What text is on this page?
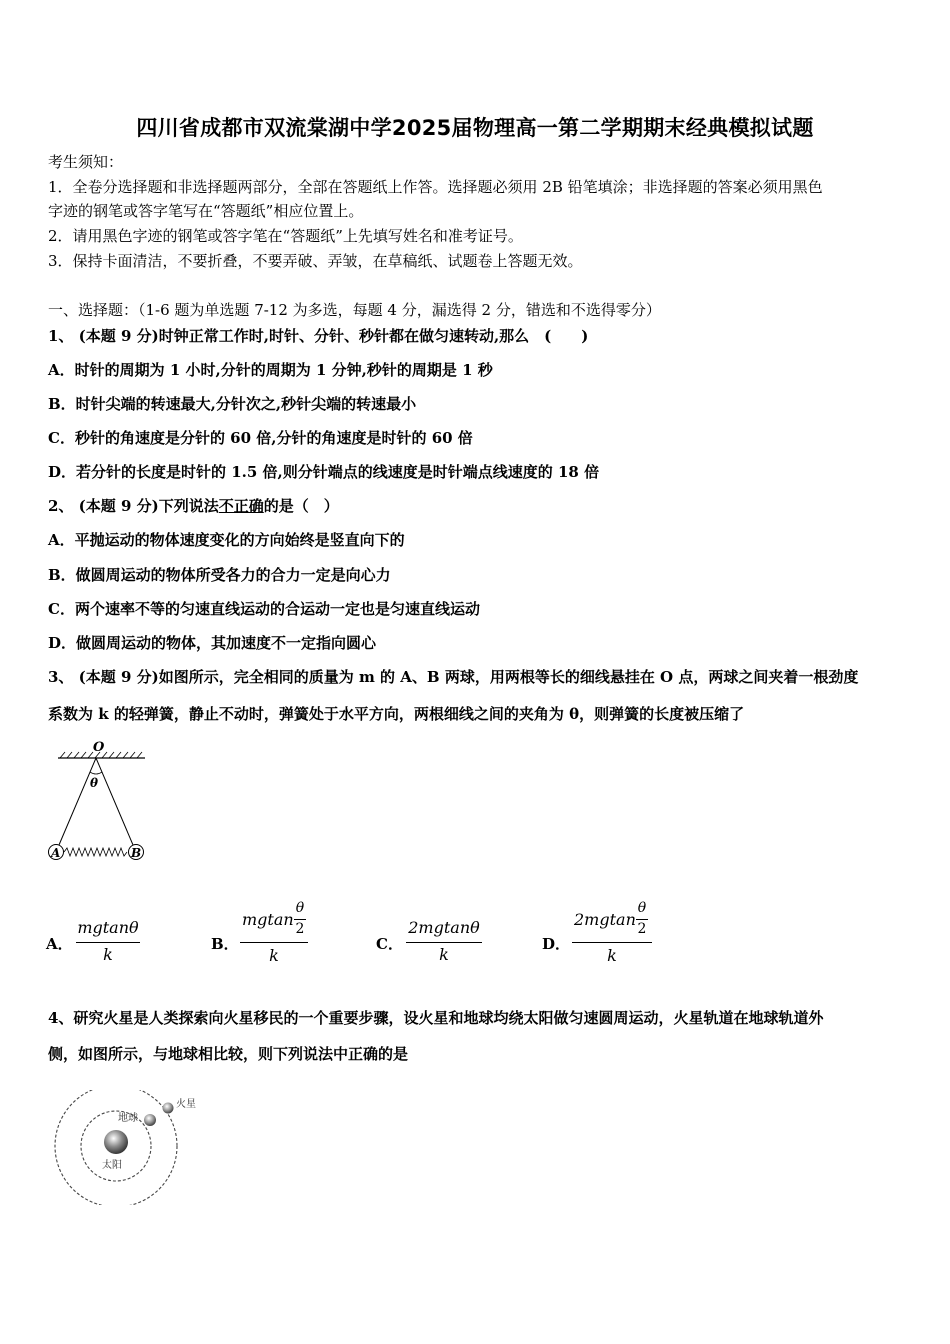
四川省成都市双流棠湖中学2025届物理高一第二学期期末经典模拟试题
考生须知：
1．全卷分选择题和非选择题两部分，全部在答题纸上作答。选择题必须用 2B 铅笔填涂；非选择题的答案必须用黑色
字迹的钢笔或答字笔写在“答题纸”相应位置上。
2．请用黑色字迹的钢笔或答字笔在“答题纸”上先填写姓名和准考证号。
3．保持卡面清洁，不要折叠，不要弄破、弄皱，在草稿纸、试题卷上答题无效。
一、选择题：（1-6 题为单选题 7-12 为多选，每题 4 分，漏选得 2 分，错选和不选得零分）
1、 (本题 9 分)时钟正常工作时,时针、分针、秒针都在做匀速转动,那么　(　　)
A．时针的周期为 1 小时,分针的周期为 1 分钟,秒针的周期是 1 秒
B．时针尖端的转速最大,分针次之,秒针尖端的转速最小
C．秒针的角速度是分针的 60 倍,分针的角速度是时针的 60 倍
D．若分针的长度是时针的 1.5 倍,则分针端点的线速度是时针端点线速度的 18 倍
2、 (本题 9 分)下列说法不正确的是（　）
A．平抛运动的物体速度变化的方向始终是竖直向下的
B．做圆周运动的物体所受各力的合力一定是向心力
C．两个速率不等的匀速直线运动的合运动一定也是匀速直线运动
D．做圆周运动的物体，其加速度不一定指向圆心
3、 (本题 9 分)如图所示，完全相同的质量为 m 的 A、B 两球，用两根等长的细线悬挂在 O 点，两球之间夹着一根劲度
系数为 k 的轻弹簧，静止不动时，弹簧处于水平方向，两根细线之间的夹角为 θ，则弹簧的长度被压缩了
O
θ
A	B
A．
mgtanθ
k
B．
mgtan
θ
2
k
C．
2mgtanθ
k
D．
2mgtan
θ
2
k
4、研究火星是人类探索向火星移民的一个重要步骤，设火星和地球均绕太阳做匀速圆周运动，火星轨道在地球轨道外
侧，如图所示，与地球相比较，则下列说法中正确的是
火星
地球
太阳
